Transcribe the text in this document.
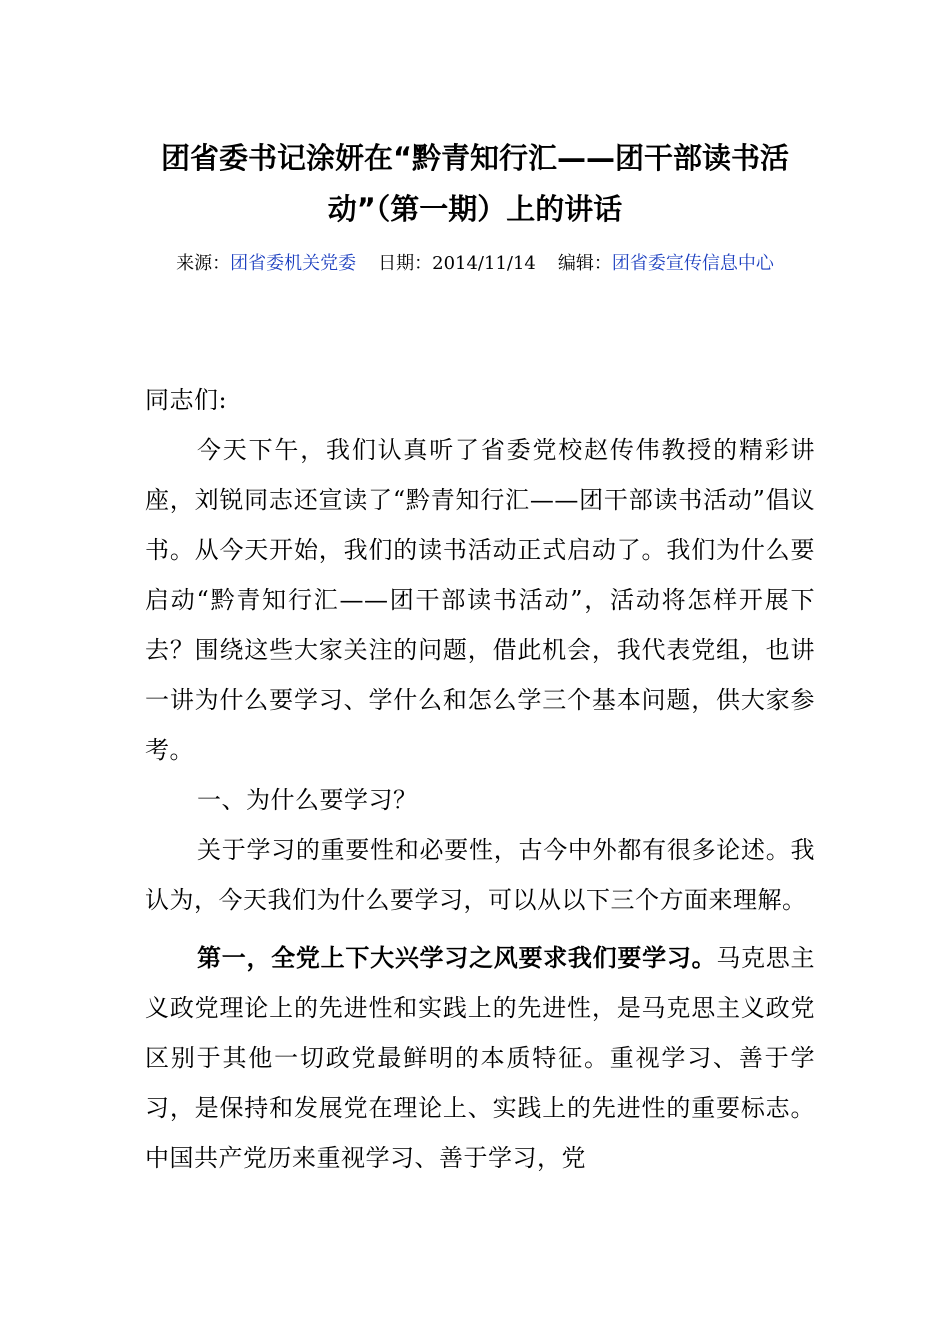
团省委书记涂妍在“黔青知行汇——团干部读书活
动”（第一期）上的讲话
来源：团省委机关党委 日期：2014/11/14 编辑：团省委宣传信息中心

同志们:

今天下午，我们认真听了省委党校赵传伟教授的精彩讲座，刘锐同志还宣读了“黔青知行汇——团干部读书活动”倡议书。从今天开始，我们的读书活动正式启动了。我们为什么要启动“黔青知行汇——团干部读书活动”，活动将怎样开展下去？围绕这些大家关注的问题，借此机会，我代表党组，也讲一讲为什么要学习、学什么和怎么学三个基本问题，供大家参考。

一、为什么要学习？

关于学习的重要性和必要性，古今中外都有很多论述。我认为，今天我们为什么要学习，可以从以下三个方面来理解。

第一，全党上下大兴学习之风要求我们要学习。马克思主义政党理论上的先进性和实践上的先进性，是马克思主义政党区别于其他一切政党最鲜明的本质特征。重视学习、善于学习，是保持和发展党在理论上、实践上的先进性的重要标志。中国共产党历来重视学习、善于学习，党
